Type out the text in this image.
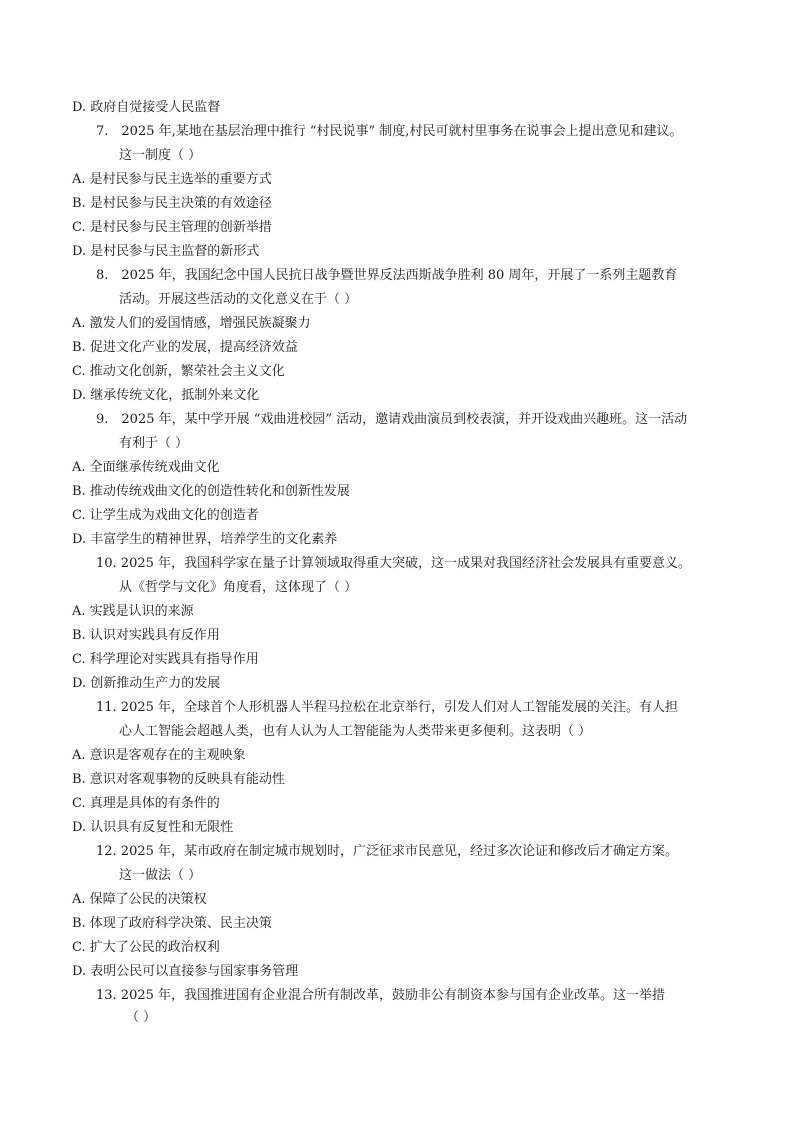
D. 政府自觉接受人民监督
7.　2025 年,某地在基层治理中推行 “村民说事” 制度,村民可就村里事务在说事会上提出意见和建议。
这一制度（ ）
A. 是村民参与民主选举的重要方式
B. 是村民参与民主决策的有效途径
C. 是村民参与民主管理的创新举措
D. 是村民参与民主监督的新形式
8.　2025 年，我国纪念中国人民抗日战争暨世界反法西斯战争胜利 80 周年，开展了一系列主题教育
活动。开展这些活动的文化意义在于（ ）
A. 激发人们的爱国情感，增强民族凝聚力
B. 促进文化产业的发展，提高经济效益
C. 推动文化创新，繁荣社会主义文化
D. 继承传统文化，抵制外来文化
9.　2025 年，某中学开展 “戏曲进校园” 活动，邀请戏曲演员到校表演，并开设戏曲兴趣班。这一活动
有利于（ ）
A. 全面继承传统戏曲文化
B. 推动传统戏曲文化的创造性转化和创新性发展
C. 让学生成为戏曲文化的创造者
D. 丰富学生的精神世界，培养学生的文化素养
10. 2025 年，我国科学家在量子计算领域取得重大突破，这一成果对我国经济社会发展具有重要意义。
从《哲学与文化》角度看，这体现了（ ）
A. 实践是认识的来源
B. 认识对实践具有反作用
C. 科学理论对实践具有指导作用
D. 创新推动生产力的发展
11. 2025 年，全球首个人形机器人半程马拉松在北京举行，引发人们对人工智能发展的关注。有人担
心人工智能会超越人类，也有人认为人工智能能为人类带来更多便利。这表明（ ）
A. 意识是客观存在的主观映象
B. 意识对客观事物的反映具有能动性
C. 真理是具体的有条件的
D. 认识具有反复性和无限性
12. 2025 年，某市政府在制定城市规划时，广泛征求市民意见，经过多次论证和修改后才确定方案。
这一做法（ ）
A. 保障了公民的决策权
B. 体现了政府科学决策、民主决策
C. 扩大了公民的政治权利
D. 表明公民可以直接参与国家事务管理
13. 2025 年，我国推进国有企业混合所有制改革，鼓励非公有制资本参与国有企业改革。这一举措
（ ）
